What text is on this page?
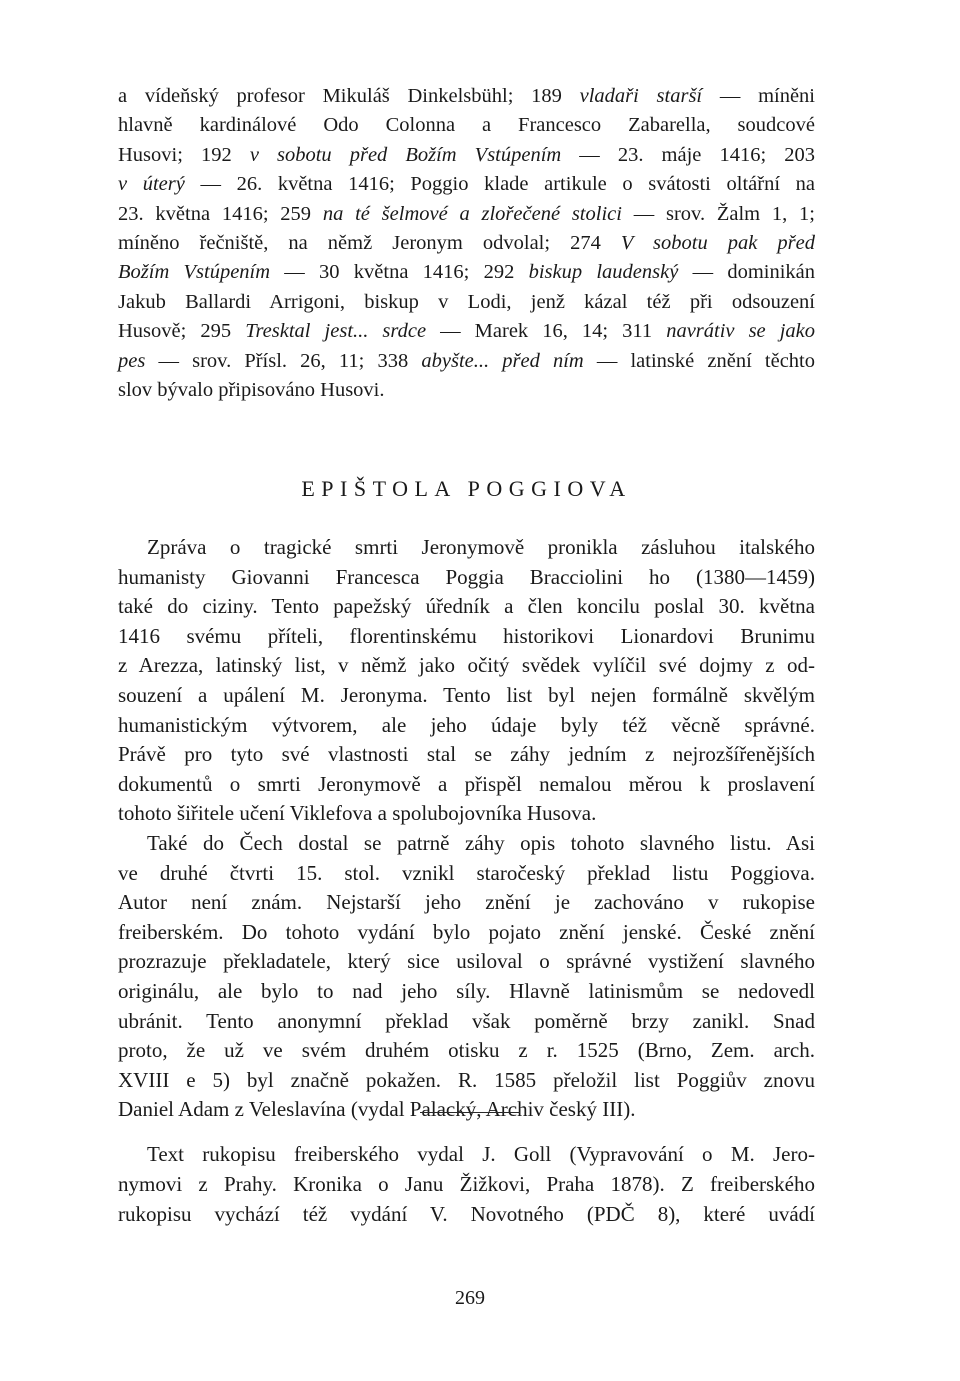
a vídeňský profesor Mikuláš Dinkelsbühl; 189 vladaři starší — míněni
hlavně kardinálové Odo Colonna a Francesco Zabarella, soudcové
Husovi; 192 v sobotu před Božím Vstúpením — 23. máje 1416; 203
v úterý — 26. května 1416; Poggio klade artikule o svátosti oltářní na
23. května 1416; 259 na té šelmové a zlořečené stolici — srov. Žalm 1, 1;
míněno řečniště, na němž Jeronym odvolal; 274 V sobotu pak před
Božím Vstúpením — 30 května 1416; 292 biskup laudenský — dominikán
Jakub Ballardi Arrigoni, biskup v Lodi, jenž kázal též při odsouzení
Husově; 295 Tresktal jest... srdce — Marek 16, 14; 311 navrátiv se jako
pes — srov. Přísl. 26, 11; 338 abyšte... před ním — latinské znění těchto
slov bývalo připisováno Husovi.
EPIŠTOLA POGGIOVA
Zpráva o tragické smrti Jeronymově pronikla zásluhou italského
humanisty Giovanni Francesca Poggia Bracciolini ho (1380—1459)
také do ciziny. Tento papežský úředník a člen koncilu poslal 30. května
1416 svému příteli, florentinskému historikovi Lionardovi Brunimu
z Arezza, latinský list, v němž jako očitý svědek vylíčil své dojmy z od-
souzení a upálení M. Jeronyma. Tento list byl nejen formálně skvělým
humanistickým výtvorem, ale jeho údaje byly též věcně správné.
Právě pro tyto své vlastnosti stal se záhy jedním z nejrozšířenějších
dokumentů o smrti Jeronymově a přispěl nemalou měrou k proslavení
tohoto šiřitele učení Viklefova a spolubojovníka Husova.
Také do Čech dostal se patrně záhy opis tohoto slavného listu. Asi
ve druhé čtvrti 15. stol. vznikl staročeský překlad listu Poggiova.
Autor není znám. Nejstarší jeho znění je zachováno v rukopise
freiberském. Do tohoto vydání bylo pojato znění jenské. České znění
prozrazuje překladatele, který sice usiloval o správné vystižení slavného
originálu, ale bylo to nad jeho síly. Hlavně latinismům se nedovedl
ubránit. Tento anonymní překlad však poměrně brzy zanikl. Snad
proto, že už ve svém druhém otisku z r. 1525 (Brno, Zem. arch.
XVIII e 5) byl značně pokažen. R. 1585 přeložil list Poggiův znovu
Daniel Adam z Veleslavína (vydal Palacký, Archiv český III).
Text rukopisu freiberského vydal J. Goll (Vypravování o M. Jero-
nymovi z Prahy. Kronika o Janu Žižkovi, Praha 1878). Z freiberského
rukopisu vychází též vydání V. Novotného (PDČ 8), které uvádí
269
